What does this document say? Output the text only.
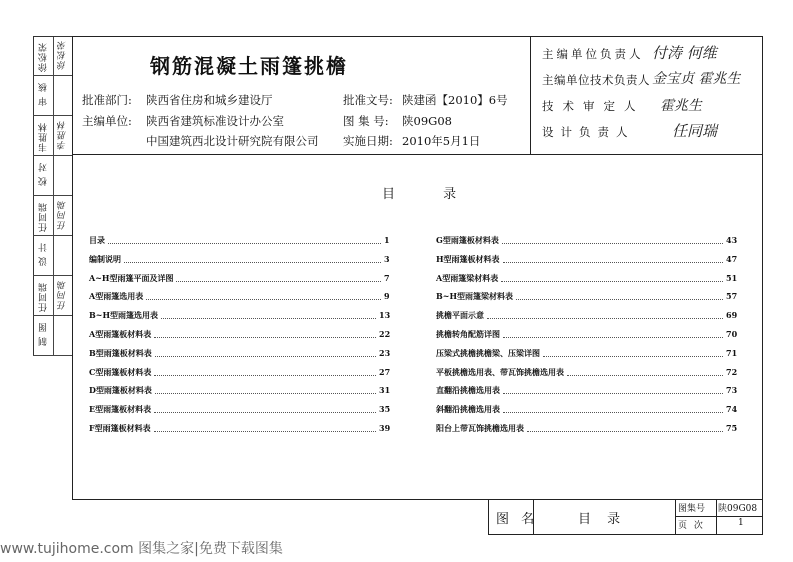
徐松荣 徐松荣
审 核
韦胜林 李胜林
校 对
任同瑞 任同瑞
设 计
任同瑞 任同瑞
制 图
钢筋混凝土雨篷挑檐
批准部门: 陕西省住房和城乡建设厅
主编单位: 陕西省建筑标准设计办公室
中国建筑西北设计研究院有限公司
批准文号: 陕建函【2010】6号
图 集 号: 陕09G08
实施日期: 2010年5月1日
主编单位负责人 付涛 何维
主编单位技术负责人 金宝贞 霍兆生
技术审定人 霍兆生
设计负责人	任同瑞
目 录
目录	1
编制说明	3
A~H型雨篷平面及详图	7
A型雨篷选用表	9
B~H型雨篷选用表	13
A型雨篷板材料表	22
B型雨篷板材料表	23
C型雨篷板材料表	27
D型雨篷板材料表	31
E型雨篷板材料表	35
F型雨篷板材料表	39
G型雨篷板材料表	43
H型雨篷板材料表	47
A型雨篷梁材料表	51
B~H型雨篷梁材料表	57
挑檐平面示意	69
挑檐转角配筋详图	70
压梁式挑檐挑檐梁、压梁详图	71
平板挑檐选用表、带瓦饰挑檐选用表	72
直翻沿挑檐选用表	73
斜翻沿挑檐选用表	74
阳台上带瓦饰挑檐选用表	75
图 名	目 录
图集号 陕09G08
页 次	1
www.tujihome.com 图集之家|免费下载图集
